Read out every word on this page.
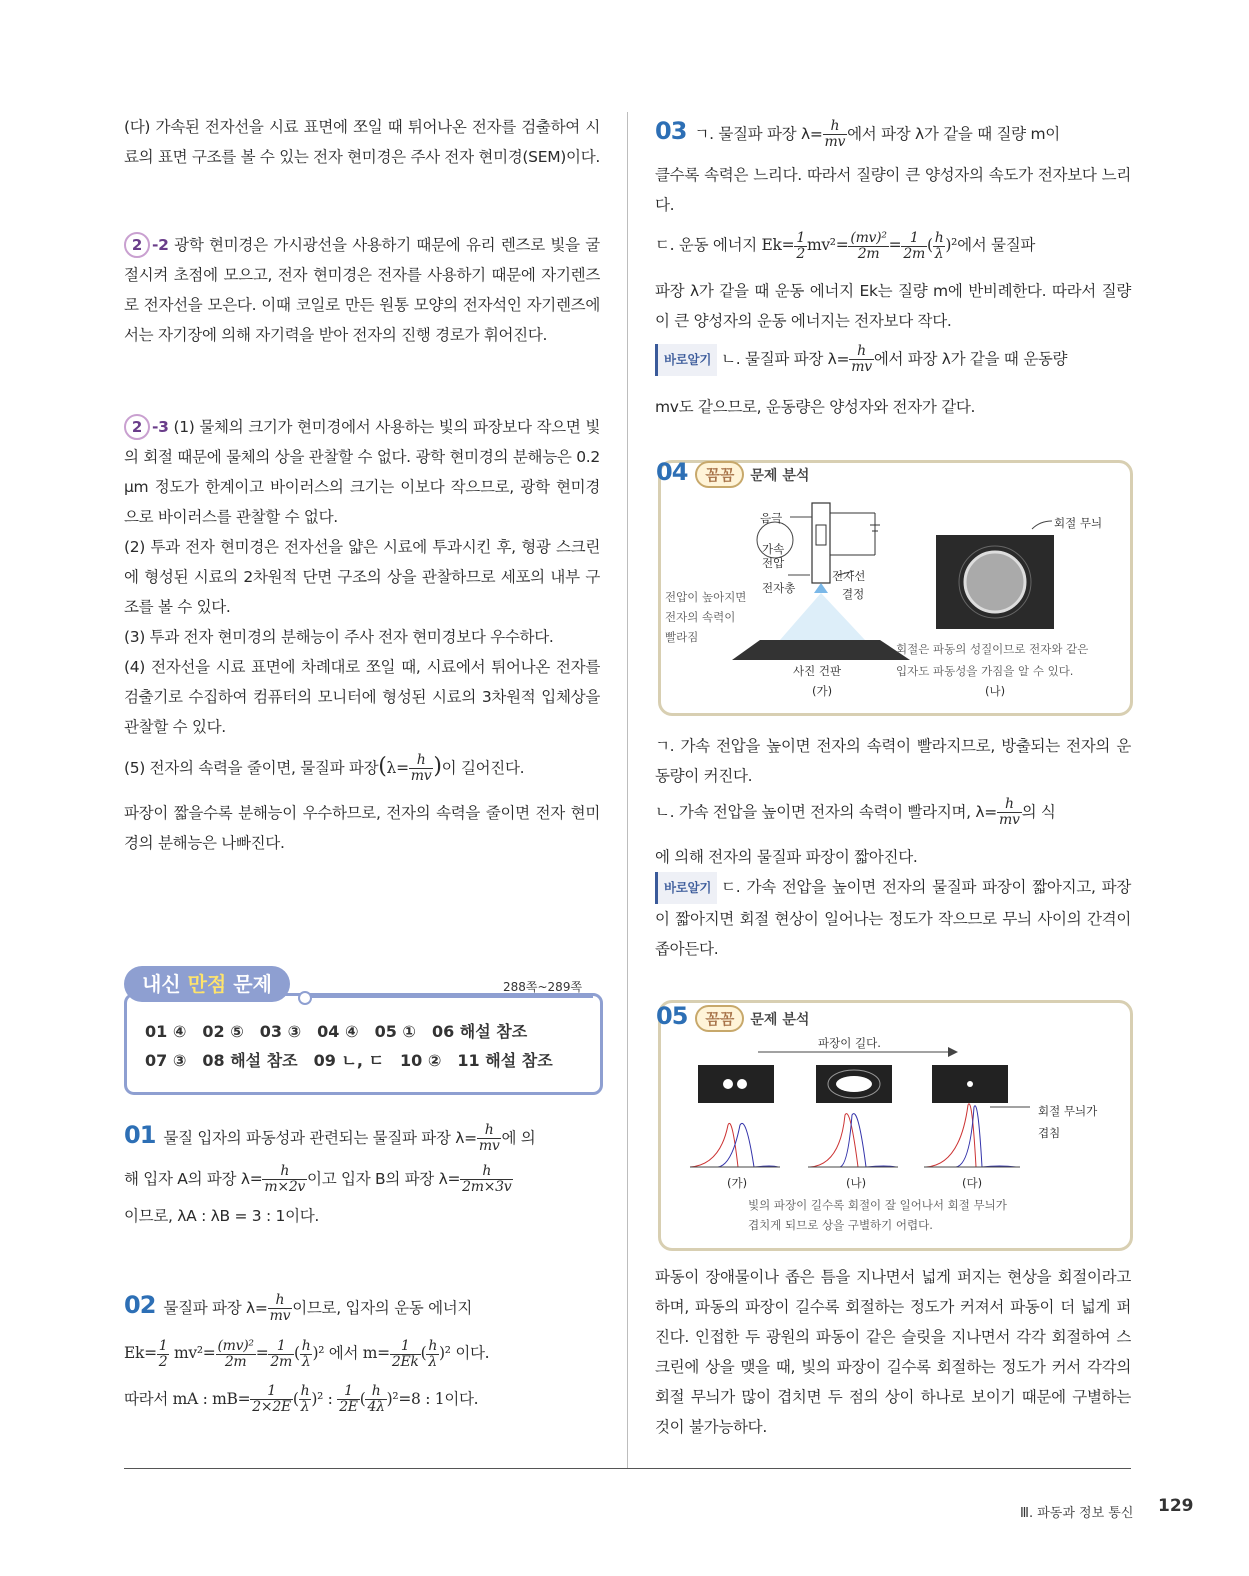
(다) 가속된 전자선을 시료 표면에 쪼일 때 튀어나온 전자를 검출하여 시료의 표면 구조를 볼 수 있는 전자 현미경은 주사 전자 현미경(SEM)이다.

2 -2 광학 현미경은 가시광선을 사용하기 때문에 유리 렌즈로 빛을 굴절시켜 초점에 모으고, 전자 현미경은 전자를 사용하기 때문에 자기렌즈로 전자선을 모은다. 이때 코일로 만든 원통 모양의 전자석인 자기렌즈에서는 자기장에 의해 자기력을 받아 전자의 진행 경로가 휘어진다.

2 -3 (1) 물체의 크기가 현미경에서 사용하는 빛의 파장보다 작으면 빛의 회절 때문에 물체의 상을 관찰할 수 없다. 광학 현미경의 분해능은 0.2 μm 정도가 한계이고 바이러스의 크기는 이보다 작으므로, 광학 현미경으로 바이러스를 관찰할 수 없다.

(2) 투과 전자 현미경은 전자선을 얇은 시료에 투과시킨 후, 형광 스크린에 형성된 시료의 2차원적 단면 구조의 상을 관찰하므로 세포의 내부 구조를 볼 수 있다.

(3) 투과 전자 현미경의 분해능이 주사 전자 현미경보다 우수하다.

(4) 전자선을 시료 표면에 차례대로 쪼일 때, 시료에서 튀어나온 전자를 검출기로 수집하여 컴퓨터의 모니터에 형성된 시료의 3차원적 입체상을 관찰할 수 있다.

(5) 전자의 속력을 줄이면, 물질파 파장($\lambda= \frac{h}{mv}$ )이 길어진다.

파장이 짧을수록 분해능이 우수하므로, 전자의 속력을 줄이면 전자 현미경의 분해능은 나빠진다.

내신 만점 문제	288쪽~289쪽
01 ④ 02 ⑤ 03 ③ 04 ④ 05 ① 06 해설 참조
07 ③ 08 해설 참조 09 ㄴ, ㄷ 10 ② 11 해설 참조

01 물질 입자의 파동성과 관련되는 물질파 파장 $\lambda= \frac{h}{mv}$ 에 의

해 입자 A의 파장 $\lambda= \frac{h}{m\times 2v}$ 이고 입자 B의 파장 $\lambda= \frac{h}{2m\times 3v}$

이므로, λA : λB = 3 : 1이다.

02 물질파 파장 $\lambda= \frac{h}{mv}$ 이므로, 입자의 운동 에너지

$Ek= \frac{1}{2} mv^2= \frac{\text{(mv)²}}{2m} = \frac{1}{2m}$ ( $\frac{h}{\lambda} )^2$ 에서 $m= \frac{1}{2Ek}$ ( $\frac{h}{\lambda} )^2$ 이다.

따라서 mA : $mB= \frac{1}{2\times 2E}$ ( $\frac{h}{\lambda} )^2$ : $\frac{1}{2E}$ ( $\frac{h}{4\lambda} )^2=8$ : 1이다.

03 ㄱ. 물질파 파장 $\lambda= \frac{h}{mv}$ 에서 파장 λ가 같을 때 질량 m이

클수록 속력은 느리다. 따라서 질량이 큰 양성자의 속도가 전자보다 느리다.

ㄷ. 운동 에너지 $Ek= \frac{1}{2} mv^2= \frac{\text{(mv)²}}{2m} = \frac{1}{2m}$ ( $\frac{h}{\lambda} )^2$에서 물질파

파장 λ가 같을 때 운동 에너지 Ek는 질량 m에 반비례한다. 따라서 질량이 큰 양성자의 운동 에너지는 전자보다 작다.

바로알기 ㄴ. 물질파 파장 $\lambda= \frac{h}{mv}$ 에서 파장 λ가 같을 때 운동량

mv도 같으므로, 운동량은 양성자와 전자가 같다.

04 꼼꼼 문제 분석
음극
가속
전압
전자총
전자선
결정
전압이 높아지면
전자의 속력이
빨라짐
사진 건판
(가)
회절 무늬
회절은 파동의 성질이므로 전자와 같은
입자도 파동성을 가짐을 알 수 있다.
(나)

ㄱ. 가속 전압을 높이면 전자의 속력이 빨라지므로, 방출되는 전자의 운동량이 커진다.

ㄴ. 가속 전압을 높이면 전자의 속력이 빨라지며, $\lambda= \frac{h}{mv}$ 의 식

에 의해 전자의 물질파 파장이 짧아진다.

바로알기 ㄷ. 가속 전압을 높이면 전자의 물질파 파장이 짧아지고, 파장이 짧아지면 회절 현상이 일어나는 정도가 작으므로 무늬 사이의 간격이 좁아든다.

05 꼼꼼 문제 분석
파장이 길다.
회절 무늬가
겹침
(가)	(나)	(다)
빛의 파장이 길수록 회절이 잘 일어나서 회절 무늬가
겹치게 되므로 상을 구별하기 어렵다.

파동이 장애물이나 좁은 틈을 지나면서 넓게 퍼지는 현상을 회절이라고 하며, 파동의 파장이 길수록 회절하는 정도가 커져서 파동이 더 넓게 퍼진다. 인접한 두 광원의 파동이 같은 슬릿을 지나면서 각각 회절하여 스크린에 상을 맺을 때, 빛의 파장이 길수록 회절하는 정도가 커서 각각의 회절 무늬가 많이 겹치면 두 점의 상이 하나로 보이기 때문에 구별하는 것이 불가능하다.

Ⅲ. 파동과 정보 통신 129
